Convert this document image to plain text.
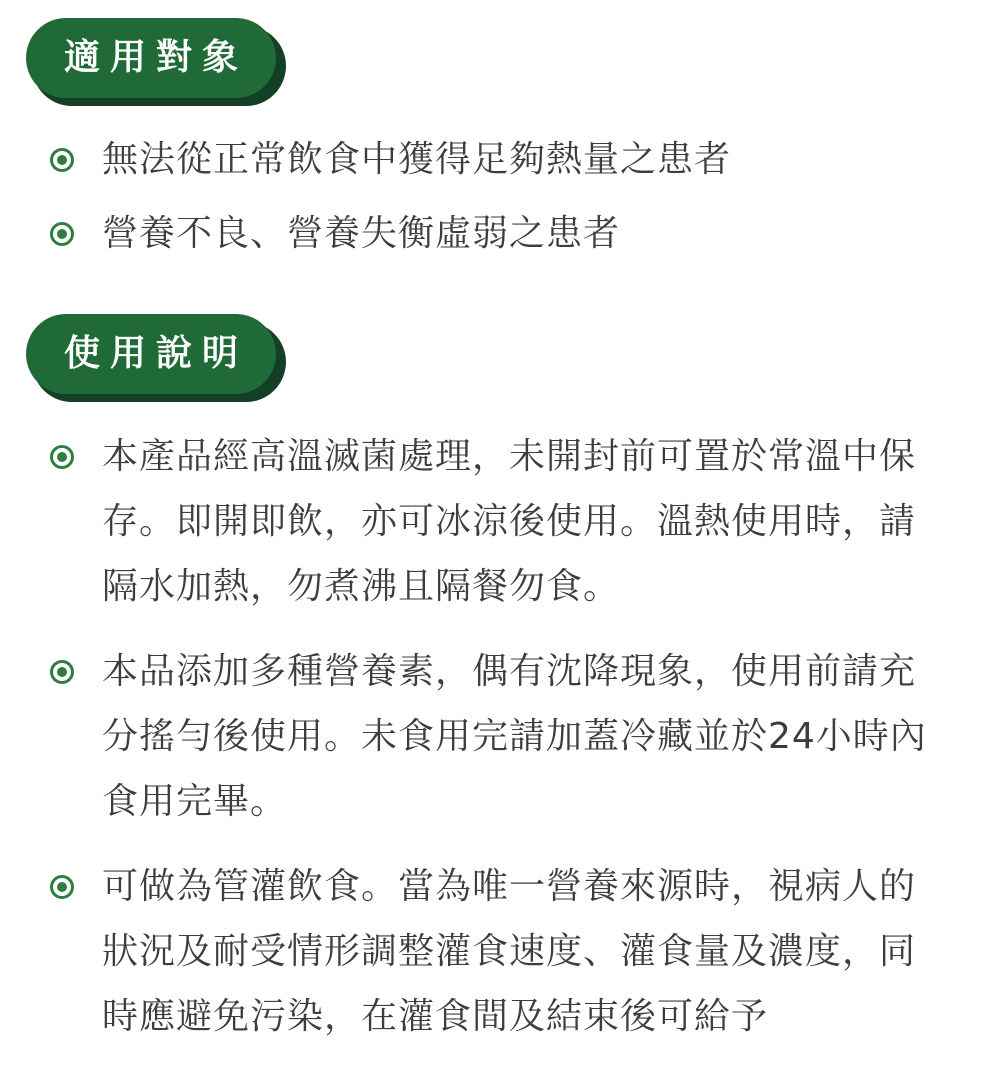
適用對象
無法從正常飲食中獲得足夠熱量之患者
營養不良、營養失衡虛弱之患者
使用說明
本產品經高溫滅菌處理，未開封前可置於常溫中保存。即開即飲，亦可冰涼後使用。溫熱使用時，請隔水加熱，勿煮沸且隔餐勿食。
本品添加多種營養素，偶有沈降現象，使用前請充分搖勻後使用。未食用完請加蓋冷藏並於24小時內食用完畢。
可做為管灌飲食。當為唯一營養來源時，視病人的狀況及耐受情形調整灌食速度、灌食量及濃度，同時應避免污染，在灌食間及結束後可給予
